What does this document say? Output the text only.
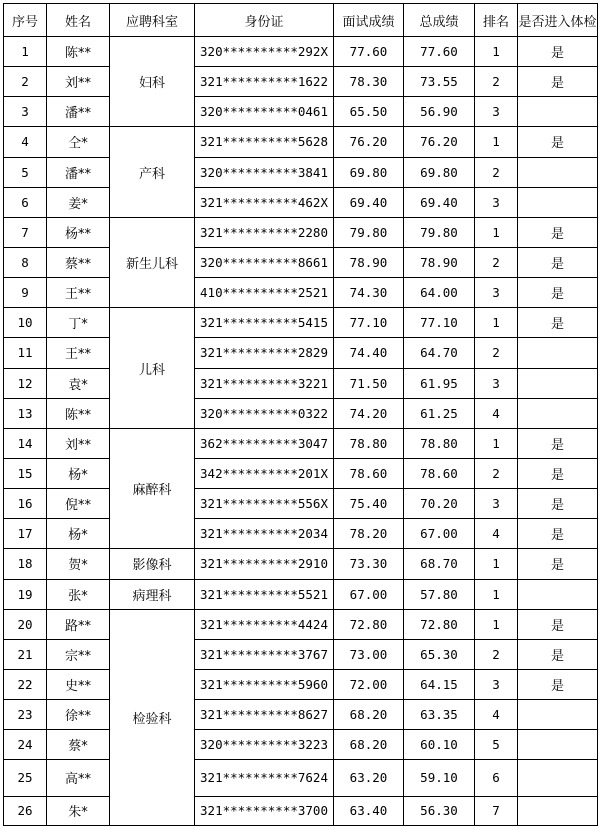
序号	姓名	应聘科室	身份证	面试成绩	总成绩	排名	是否进入体检
1	陈**	妇科	320**********292X	77.60	77.60	1	是
2	刘**		321**********1622	78.30	73.55	2	是
3	潘**		320**********0461	65.50	56.90	3	
4	仝*	产科	321**********5628	76.20	76.20	1	是
5	潘**		320**********3841	69.80	69.80	2	
6	姜*		321**********462X	69.40	69.40	3	
7	杨**	新生儿科	321**********2280	79.80	79.80	1	是
8	蔡**		320**********8661	78.90	78.90	2	是
9	王**		410**********2521	74.30	64.00	3	是
10	丁*	儿科	321**********5415	77.10	77.10	1	是
11	王**		321**********2829	74.40	64.70	2	
12	袁*		321**********3221	71.50	61.95	3	
13	陈**		320**********0322	74.20	61.25	4	
14	刘**	麻醉科	362**********3047	78.80	78.80	1	是
15	杨*		342**********201X	78.60	78.60	2	是
16	倪**		321**********556X	75.40	70.20	3	是
17	杨*		321**********2034	78.20	67.00	4	是
18	贺*	影像科	321**********2910	73.30	68.70	1	是
19	张*	病理科	321**********5521	67.00	57.80	1	
20	路**	检验科	321**********4424	72.80	72.80	1	是
21	宗**		321**********3767	73.00	65.30	2	是
22	史**		321**********5960	72.00	64.15	3	是
23	徐**		321**********8627	68.20	63.35	4	
24	蔡*		320**********3223	68.20	60.10	5	
25	高**		321**********7624	63.20	59.10	6	
26	朱*		321**********3700	63.40	56.30	7	
